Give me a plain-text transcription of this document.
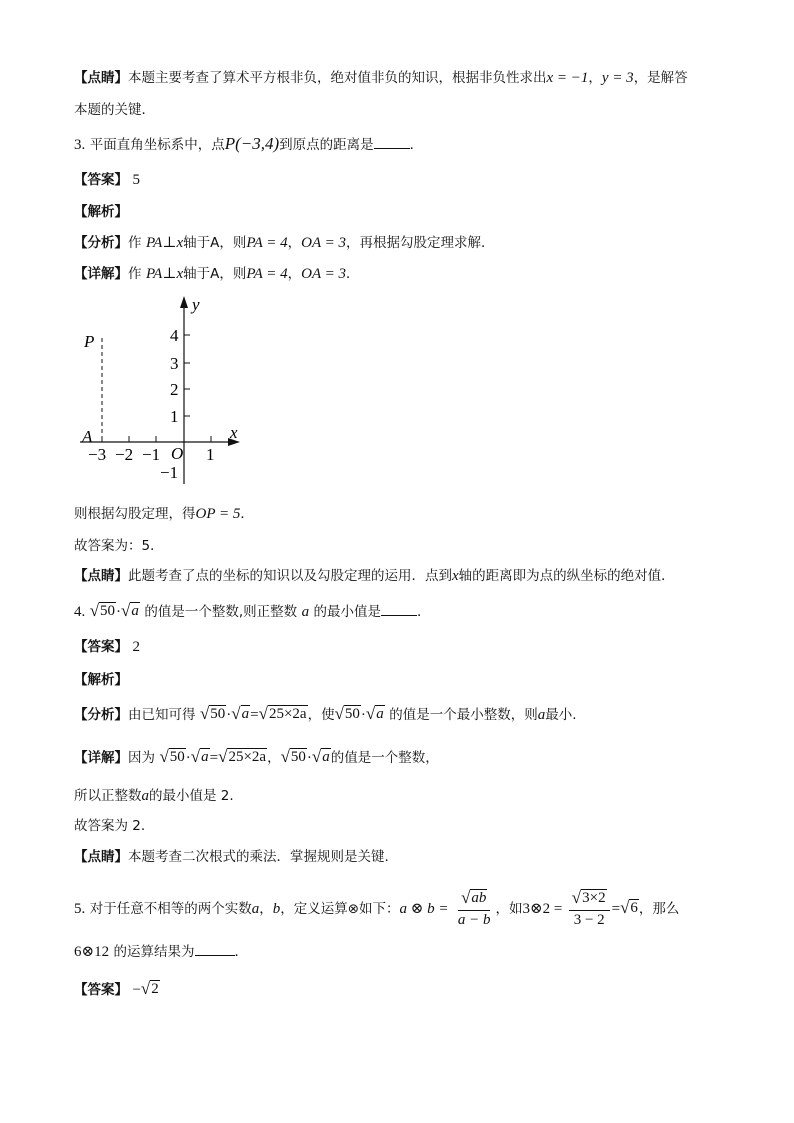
【点睛】本题主要考查了算术平方根非负，绝对值非负的知识，根据非负性求出x = −1，y = 3，是解答
本题的关键．
3. 平面直角坐标系中，点P(−3,4)到原点的距离是	．
【答案】 5
【解析】
【分析】作 PA⊥x轴于A，则PA = 4，OA = 3，再根据勾股定理求解．
【详解】作 PA⊥x轴于A，则PA = 4，OA = 3．
y
x
P
A
O
4
3
2
1
−1
−3 −2 −1	1
则根据勾股定理，得OP = 5．
故答案为：5．
【点睛】此题考查了点的坐标的知识以及勾股定理的运用．点到x轴的距离即为点的纵坐标的绝对值．
4. √ 50 · √ a 的值是一个整数,则正整数 a 的最小值是	．
【答案】 2
【解析】
【分析】由已知可得 √ 50 · √ a = √ 25×2a ，使 √ 50 · √ a 的值是一个最小整数，则a最小.
【详解】因为 √ 50 · √ a = √ 25×2a ， √ 50 · √ a 的值是一个整数，
所以正整数a的最小值是 2.
故答案为 2.
【点睛】本题考查二次根式的乘法．掌握规则是关键.
5. 对于任意不相等的两个实数a，b，定义运算⊗如下：a ⊗ $b = \frac{√ ab}{a - b}$ ，如3⊗2 = $\frac{√ 3\times 2}{3 - 2}$ = √ 6 ，那么
6⊗12 的运算结果为	．
【答案】 − √ 2
